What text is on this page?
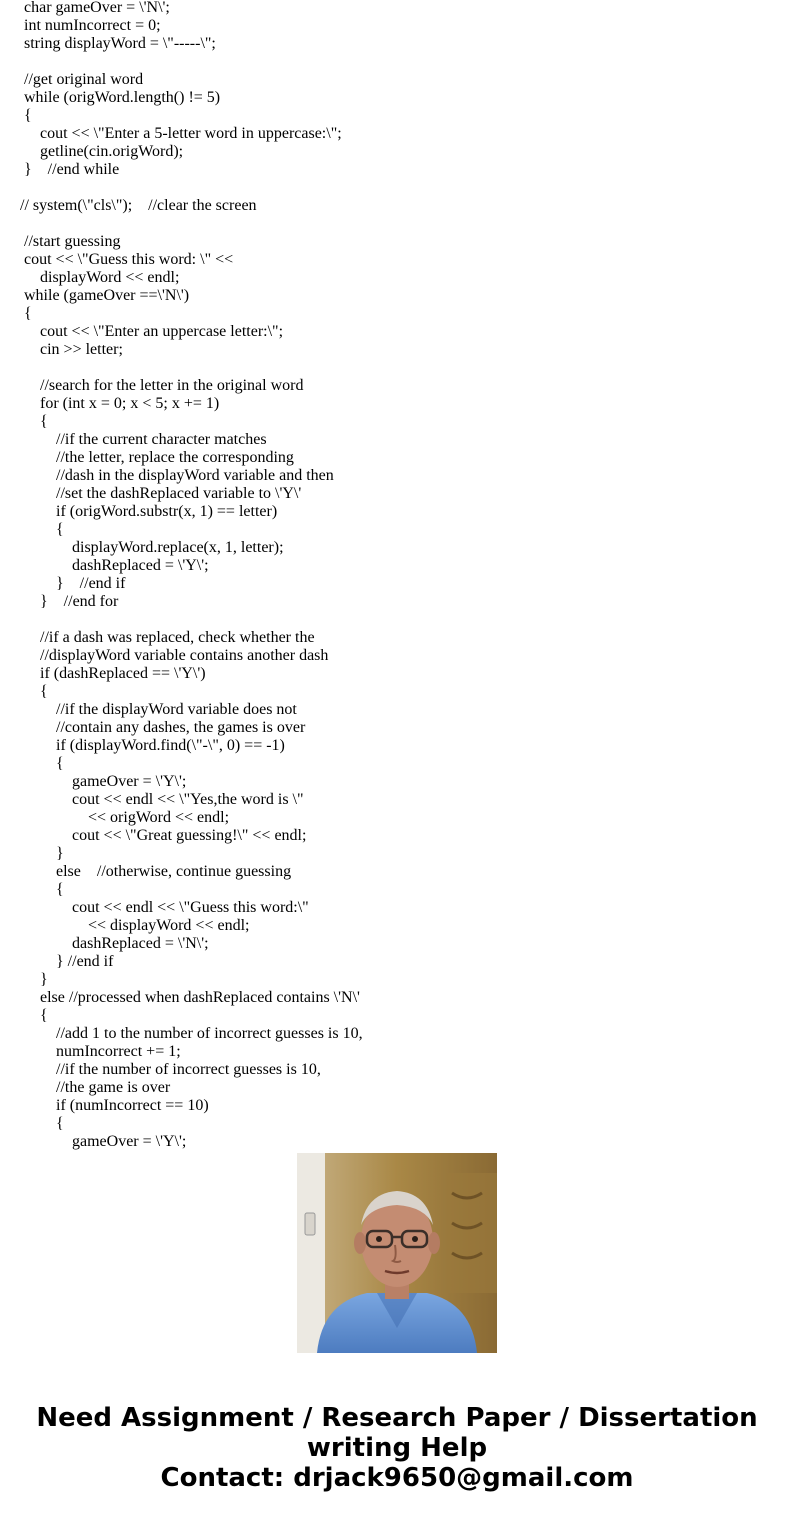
char gameOver = \'N\';
int numIncorrect = 0;
string displayWord = \"-----\";
//get original word
while (origWord.length() != 5)
{
cout << \"Enter a 5-letter word in uppercase:\";
getline(cin.origWord);
}    //end while
// system(\"cls\");    //clear the screen
//start guessing
cout << \"Guess this word: \" <<
displayWord << endl;
while (gameOver ==\'N\')
{
cout << \"Enter an uppercase letter:\";
cin >> letter;
//search for the letter in the original word
for (int x = 0; x < 5; x += 1)
{
//if the current character matches
//the letter, replace the corresponding
//dash in the displayWord variable and then
//set the dashReplaced variable to \'Y\'
if (origWord.substr(x, 1) == letter)
{
displayWord.replace(x, 1, letter);
dashReplaced = \'Y\';
}    //end if
}    //end for
//if a dash was replaced, check whether the
//displayWord variable contains another dash
if (dashReplaced == \'Y\')
{
//if the displayWord variable does not
//contain any dashes, the games is over
if (displayWord.find(\"-\", 0) == -1)
{
gameOver = \'Y\';
cout << endl << \"Yes,the word is \"
<< origWord << endl;
cout << \"Great guessing!\" << endl;
}
else    //otherwise, continue guessing
{
cout << endl << \"Guess this word:\"
<< displayWord << endl;
dashReplaced = \'N\';
} //end if
}
else //processed when dashReplaced contains \'N\'
{
//add 1 to the number of incorrect guesses is 10,
numIncorrect += 1;
//if the number of incorrect guesses is 10,
//the game is over
if (numIncorrect == 10)
{
gameOver = \'Y\';
Need Assignment / Research Paper / Dissertation
writing Help
Contact: drjack9650@gmail.com
